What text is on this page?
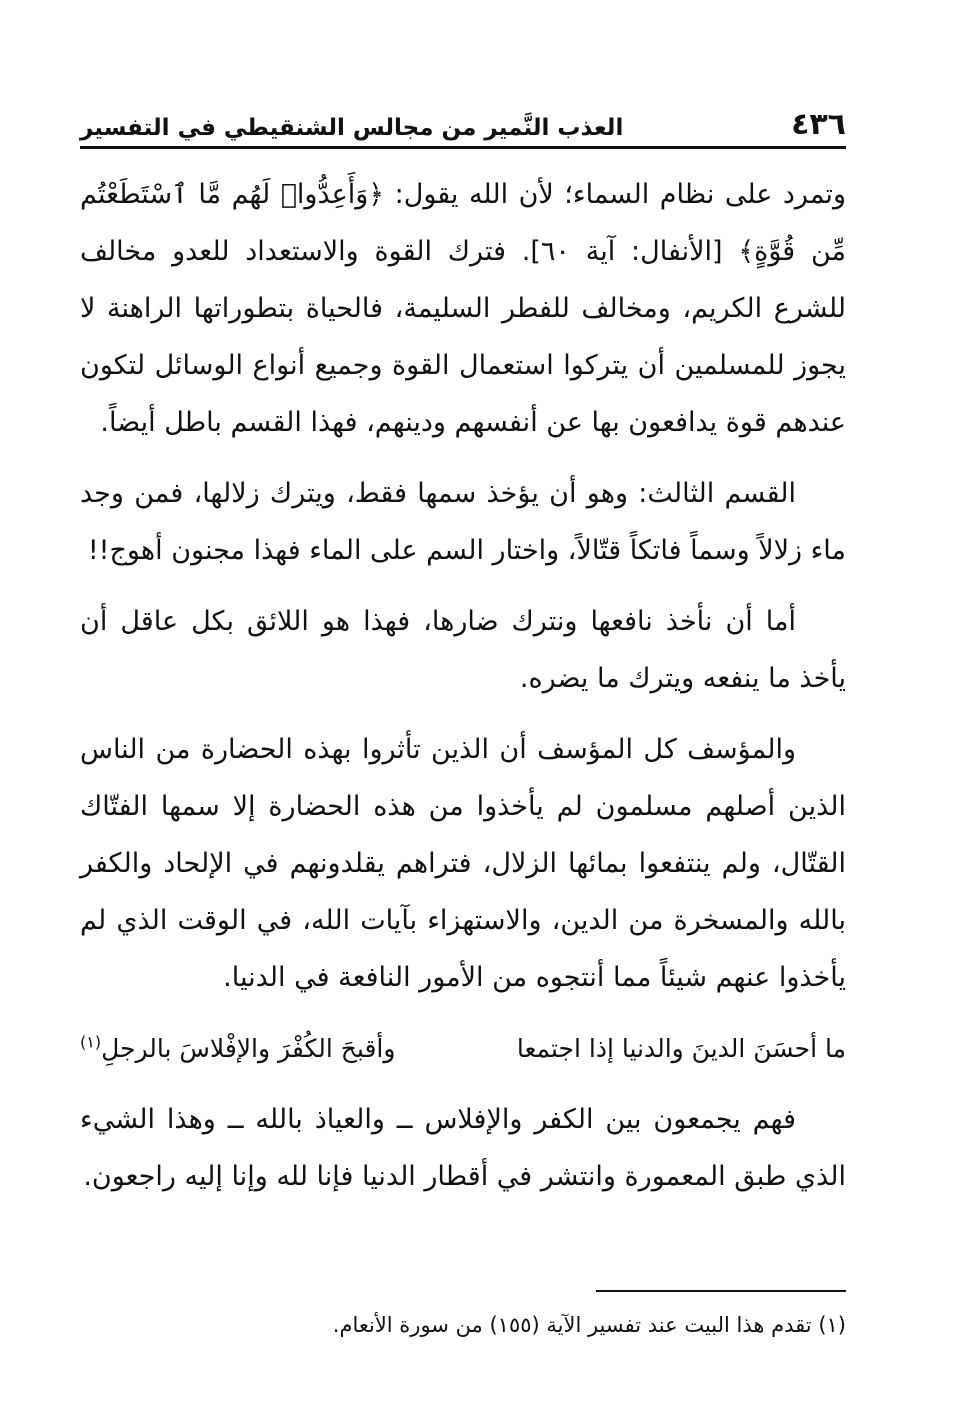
٤٣٦
العذب النَّمير من مجالس الشنقيطي في التفسير

وتمرد على نظام السماء؛ لأن الله يقول: ﴿وَأَعِدُّوا۟ لَهُم مَّا ٱسْتَطَعْتُم مِّن قُوَّةٍ﴾ [الأنفال: آية ٦٠]. فترك القوة والاستعداد للعدو مخالف للشرع الكريم، ومخالف للفطر السليمة، فالحياة بتطوراتها الراهنة لا يجوز للمسلمين أن يتركوا استعمال القوة وجميع أنواع الوسائل لتكون عندهم قوة يدافعون بها عن أنفسهم ودينهم، فهذا القسم باطل أيضاً.

القسم الثالث: وهو أن يؤخذ سمها فقط، ويترك زلالها، فمن وجد ماء زلالاً وسماً فاتكاً قتّالاً، واختار السم على الماء فهذا مجنون أهوج!!

أما أن نأخذ نافعها ونترك ضارها، فهذا هو اللائق بكل عاقل أن يأخذ ما ينفعه ويترك ما يضره.

والمؤسف كل المؤسف أن الذين تأثروا بهذه الحضارة من الناس الذين أصلهم مسلمون لم يأخذوا من هذه الحضارة إلا سمها الفتّاك القتّال، ولم ينتفعوا بمائها الزلال، فتراهم يقلدونهم في الإلحاد والكفر بالله والمسخرة من الدين، والاستهزاء بآيات الله، في الوقت الذي لم يأخذوا عنهم شيئاً مما أنتجوه من الأمور النافعة في الدنيا.

ما أحسَنَ الدينَ والدنيا إذا اجتمعا
وأقبحَ الكُفْرَ والإفْلاسَ بالرجلِ$^{(١)}$

فهم يجمعون بين الكفر والإفلاس ــ والعياذ بالله ــ وهذا الشيء الذي طبق المعمورة وانتشر في أقطار الدنيا فإنا لله وإنا إليه راجعون.

(١) تقدم هذا البيت عند تفسير الآية (١٥٥) من سورة الأنعام.
